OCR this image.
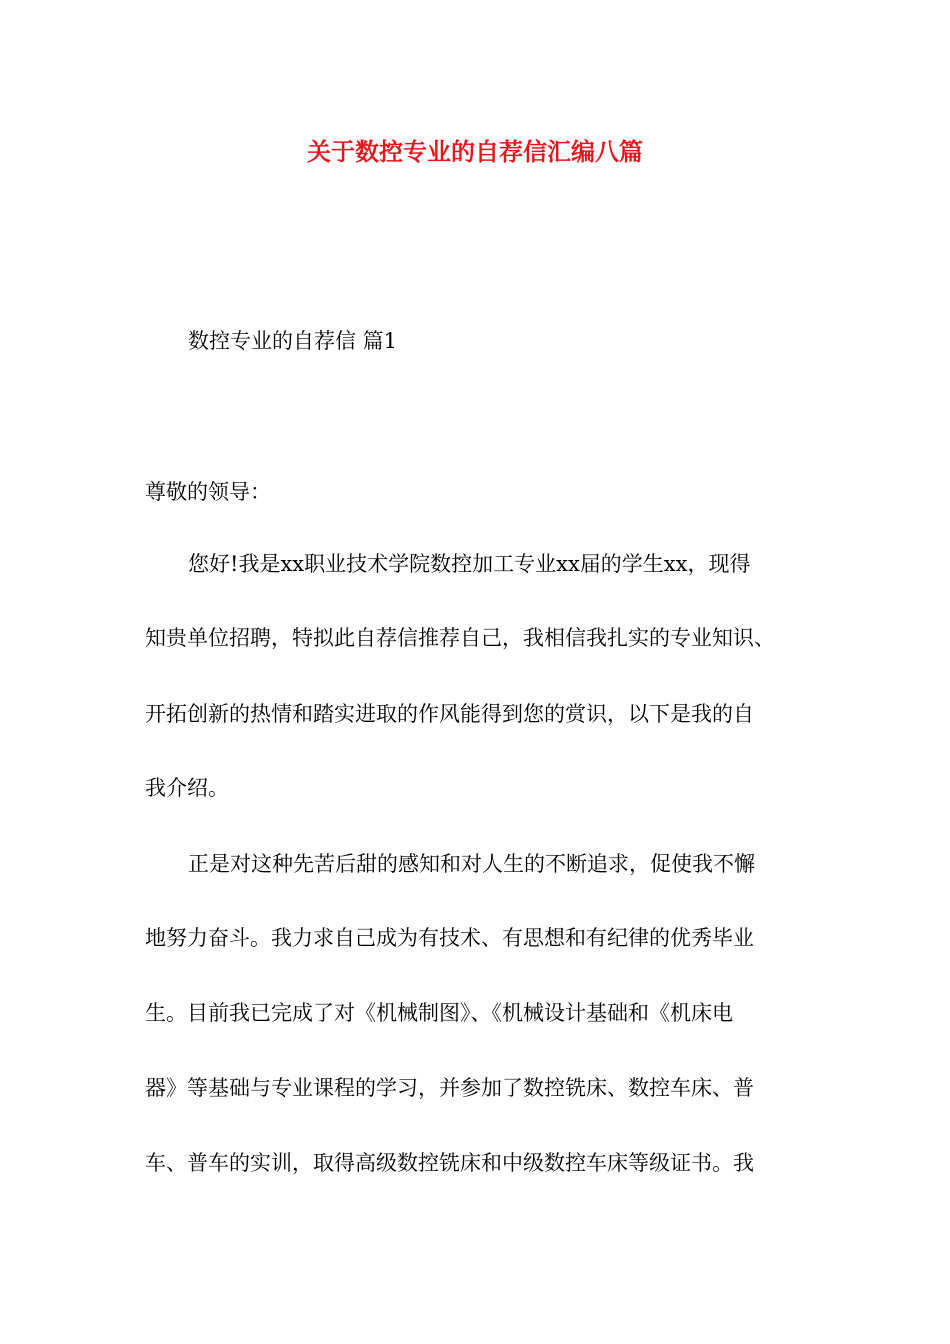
关于数控专业的自荐信汇编八篇
数控专业的自荐信 篇1
尊敬的领导：
您好!我是xx职业技术学院数控加工专业xx届的学生xx，现得
知贵单位招聘，特拟此自荐信推荐自己，我相信我扎实的专业知识、
开拓创新的热情和踏实进取的作风能得到您的赏识，以下是我的自
我介绍。
正是对这种先苦后甜的感知和对人生的不断追求，促使我不懈
地努力奋斗。我力求自己成为有技术、有思想和有纪律的优秀毕业
生。目前我已完成了对《机械制图》、《机械设计基础和《机床电
器》等基础与专业课程的学习，并参加了数控铣床、数控车床、普
车、普车的实训，取得高级数控铣床和中级数控车床等级证书。我
